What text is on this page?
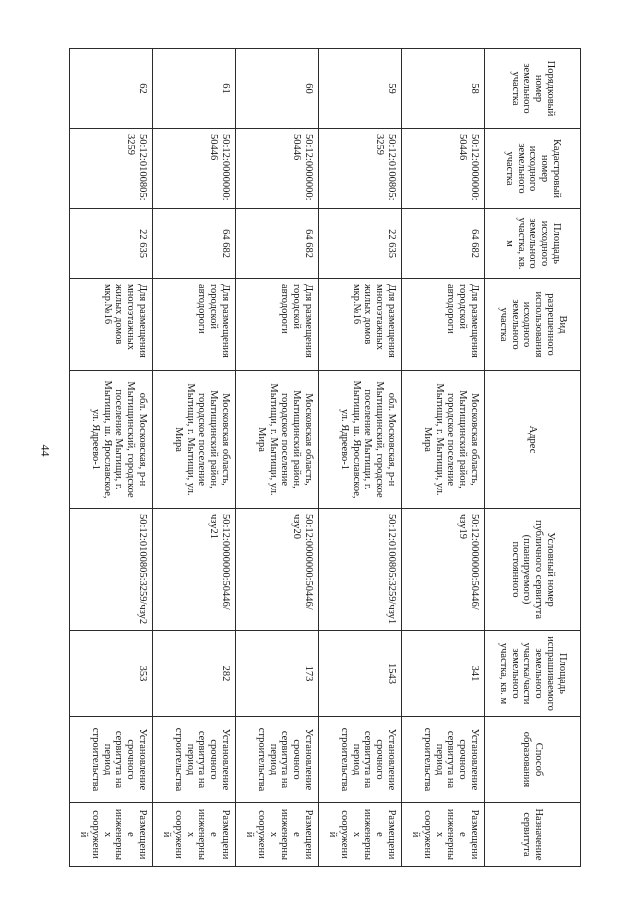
44
Порядковый номер земельного участка	Кадастровый номер исходного земельного участка	Площадь исходного земельного участка, кв. м	Вид разрешенного использования исходного земельного участка	Адрес	Условный номер публичного сервитута (планируемого) постоянного	Площадь испрашиваемого земельного участка/части земельного участка, кв. м	Способ образования	Назначение сервитута
58	50:12:0000000:50446	64 682	Для размещения городской автодороги	Московская область, Мытищинский район, городское поселение Мытищи, г. Мытищи, ул. Мира	50:12:0000000:50446/чзу19	341	Установление срочного сервитута на период строительства	Размещение инженерных сооружений
59	50:12:0100805:3259	22 635	Для размещения многоэтажных жилых домов мкр.№16	обл. Московская, р-н Мытищинский, городское поселение Мытищи, г. Мытищи, ш. Ярославское, ул. Ядреево-1	50:12:0100805:3259/чзу1	1543	Установление срочного сервитута на период строительства	Размещение инженерных сооружений
60	50:12:0000000:50446	64 682	Для размещения городской автодороги	Московская область, Мытищинский район, городское поселение Мытищи, г. Мытищи, ул. Мира	50:12:0000000:50446/чзу20	173	Установление срочного сервитута на период строительства	Размещение инженерных сооружений
61	50:12:0000000:50446	64 682	Для размещения городской автодороги	Московская область, Мытищинский район, городское поселение Мытищи, г. Мытищи, ул. Мира	50:12:0000000:50446/чзу21	282	Установление срочного сервитута на период строительства	Размещение инженерных сооружений
62	50:12:0100805:3259	22 635	Для размещения многоэтажных жилых домов мкр.№16	обл. Московская, р-н Мытищинский, городское поселение Мытищи, г. Мытищи, ш. Ярославское, ул. Ядреево-1	50:12:0100805:3259/чзу2	353	Установление срочного сервитута на период строительства	Размещение инженерных сооружений
